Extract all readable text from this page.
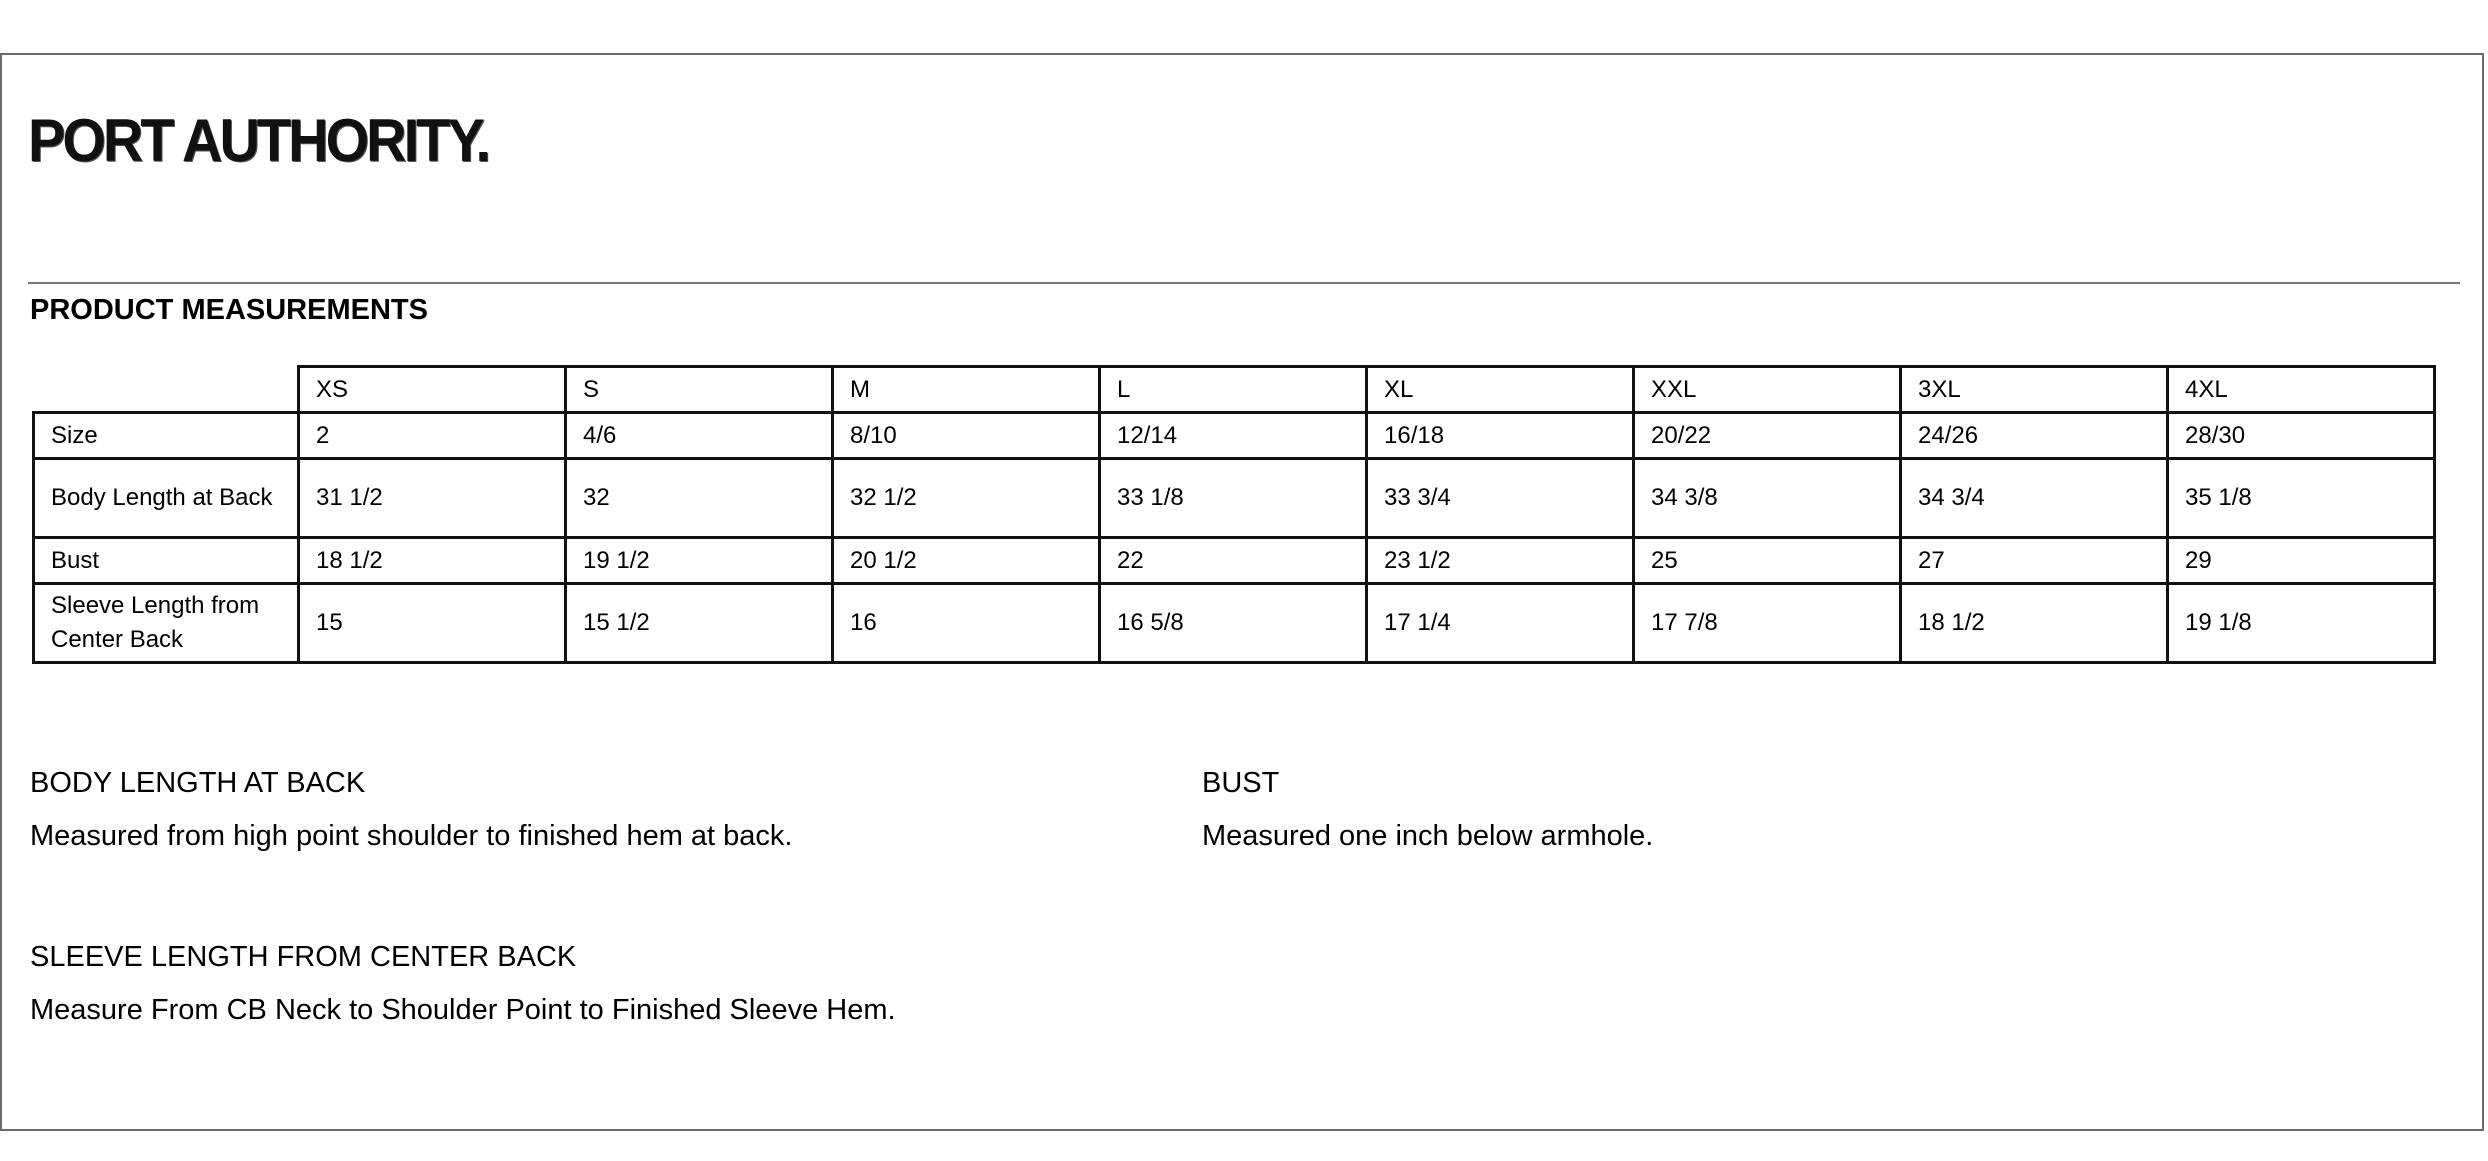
PORT AUTHORITY.
PRODUCT MEASUREMENTS
	XS	S	M	L	XL	XXL	3XL	4XL
Size	2	4/6	8/10	12/14	16/18	20/22	24/26	28/30
Body Length at Back	31 1/2	32	32 1/2	33 1/8	33 3/4	34 3/8	34 3/4	35 1/8
Bust	18 1/2	19 1/2	20 1/2	22	23 1/2	25	27	29
Sleeve Length from Center Back	15	15 1/2	16	16 5/8	17 1/4	17 7/8	18 1/2	19 1/8
BODY LENGTH AT BACK
Measured from high point shoulder to finished hem at back.
BUST
Measured one inch below armhole.
SLEEVE LENGTH FROM CENTER BACK
Measure From CB Neck to Shoulder Point to Finished Sleeve Hem.
